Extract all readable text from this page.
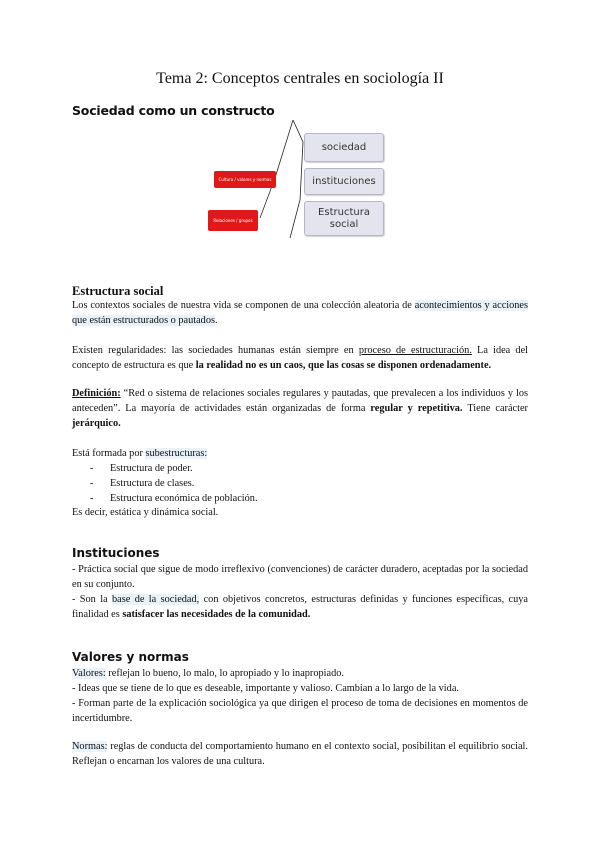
Tema 2: Conceptos centrales en sociología II
Sociedad como un constructo
sociedad
instituciones
Estructura social
Cultura / valores y normas
Relaciones / grupos
Estructura social

Los contextos sociales de nuestra vida se componen de una colección aleatoria de acontecimientos y acciones que están estructurados o pautados.

Existen regularidades: las sociedades humanas están siempre en proceso de estructuración. La idea del concepto de estructura es que la realidad no es un caos, que las cosas se disponen ordenadamente.

Definición: “Red o sistema de relaciones sociales regulares y pautadas, que prevalecen a los individuos y los anteceden”. La mayoría de actividades están organizadas de forma regular y repetitiva. Tiene carácter jerárquico.

Está formada por subestructuras:

- Estructura de poder.
- Estructura de clases.
- Estructura económica de población.

Es decir, estática y dinámica social.

Instituciones

- Práctica social que sigue de modo irreflexivo (convenciones) de carácter duradero, aceptadas por la sociedad en su conjunto.

- Son la base de la sociedad, con objetivos concretos, estructuras definidas y funciones específicas, cuya finalidad es satisfacer las necesidades de la comunidad.

Valores y normas

Valores: reflejan lo bueno, lo malo, lo apropiado y lo inapropiado.

- Ideas que se tiene de lo que es deseable, importante y valioso. Cambian a lo largo de la vida.

- Forman parte de la explicación sociológica ya que dirigen el proceso de toma de decisiones en momentos de incertidumbre.

Normas: reglas de conducta del comportamiento humano en el contexto social, posibilitan el equilibrio social. Reflejan o encarnan los valores de una cultura.
